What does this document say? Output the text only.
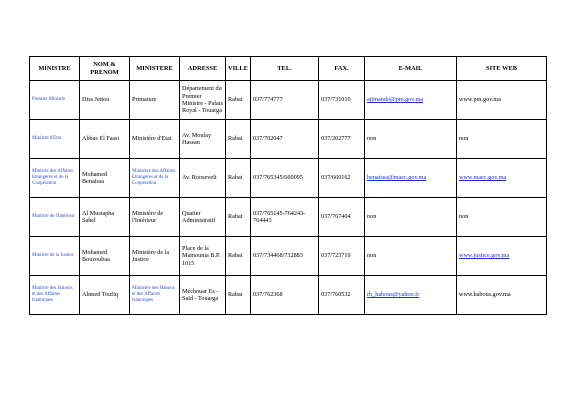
MINISTRE	NOM & PRENOM	MINISTERE	ADRESSE	VILLE	TEL.	FAX.	E-MAIL	SITE WEB
Premier Ministre	Diss Jettou	Primature	Département du Premier Ministre - Palais Royal - Touarga	Rabat	037/774777	037/731010	ajtinando@pm.gov.ma	www.pm.gov.ma
Ministre d'Etat	Abbas El Fassi	Ministère d'Etat	Av. Moulay Hassan	Rabat	037/702047	037/202777	non	non
Ministre des Affaires Etrangères et de la Coopération	Mohamed Benaissa	Ministère des Affaires Etrangères et de la Coopération	Av. Roosevelt	Rabat	037/765345/660095	037/660162	benaissa@maec.gov.ma	www.maec.gov.ma
Ministre de l'Intérieur	Al Mustapha Sahel	Ministère de l'Intérieur	Quatier Administratif	Rabat	037/765145-764243-764443	037/767404	non	non
Ministre de la Justice	Mohamed Bouzoubaa	Ministère de la Justice	Place de la Mamounia B.P. 1015	Rabat	037/734468/732883	037/723710	non	www.justice.gov.ma
Ministre des Habous et des Affaires Islamiques	Ahmed Toufiq	Ministère des Habous et des Affaires Islamiques	Méchouar Es - Saïd - Touarga	Rabat	037/762368	037/760532	rh_habous@yahoo.fr	www.habous.gov.ma
